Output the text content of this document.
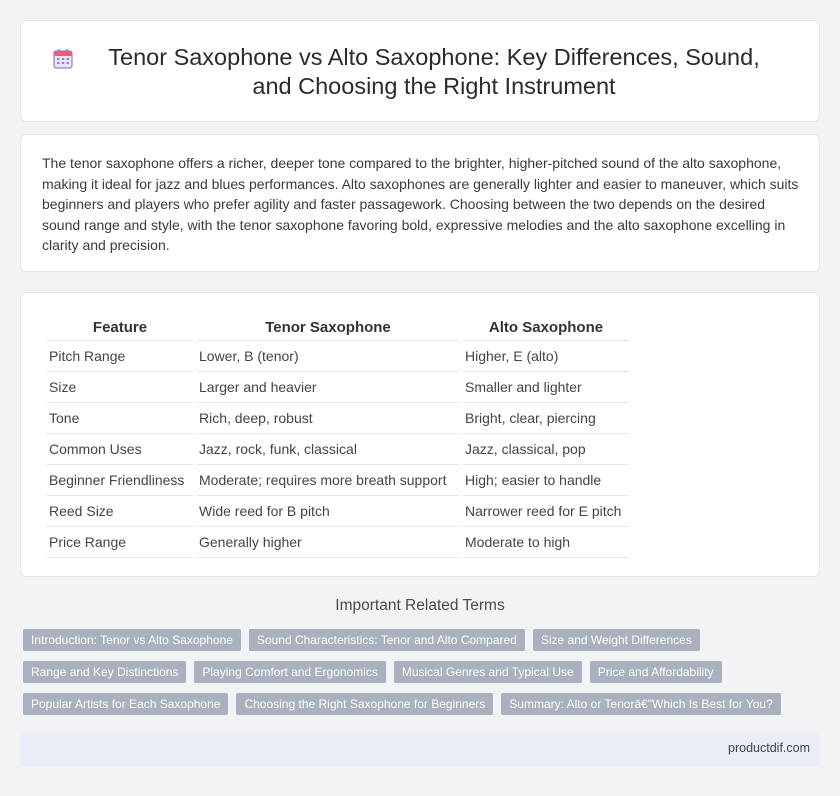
Tenor Saxophone vs Alto Saxophone: Key Differences, Sound, and Choosing the Right Instrument

The tenor saxophone offers a richer, deeper tone compared to the brighter, higher-pitched sound of the alto saxophone, making it ideal for jazz and blues performances. Alto saxophones are generally lighter and easier to maneuver, which suits beginners and players who prefer agility and faster passagework. Choosing between the two depends on the desired sound range and style, with the tenor saxophone favoring bold, expressive melodies and the alto saxophone excelling in clarity and precision.

Feature	Tenor Saxophone	Alto Saxophone
Pitch Range	Lower, B (tenor)	Higher, E (alto)
Size	Larger and heavier	Smaller and lighter
Tone	Rich, deep, robust	Bright, clear, piercing
Common Uses	Jazz, rock, funk, classical	Jazz, classical, pop
Beginner Friendliness	Moderate; requires more breath support	High; easier to handle
Reed Size	Wide reed for B pitch	Narrower reed for E pitch
Price Range	Generally higher	Moderate to high
Important Related Terms
Introduction: Tenor vs Alto Saxophone	Sound Characteristics: Tenor and Alto Compared	Size and Weight Differences
Range and Key Distinctions	Playing Comfort and Ergonomics	Musical Genres and Typical Use	Price and Affordability
Popular Artists for Each Saxophone	Choosing the Right Saxophone for Beginners	Summary: Alto or Tenorâ€"Which Is Best for You?
productdif.com
